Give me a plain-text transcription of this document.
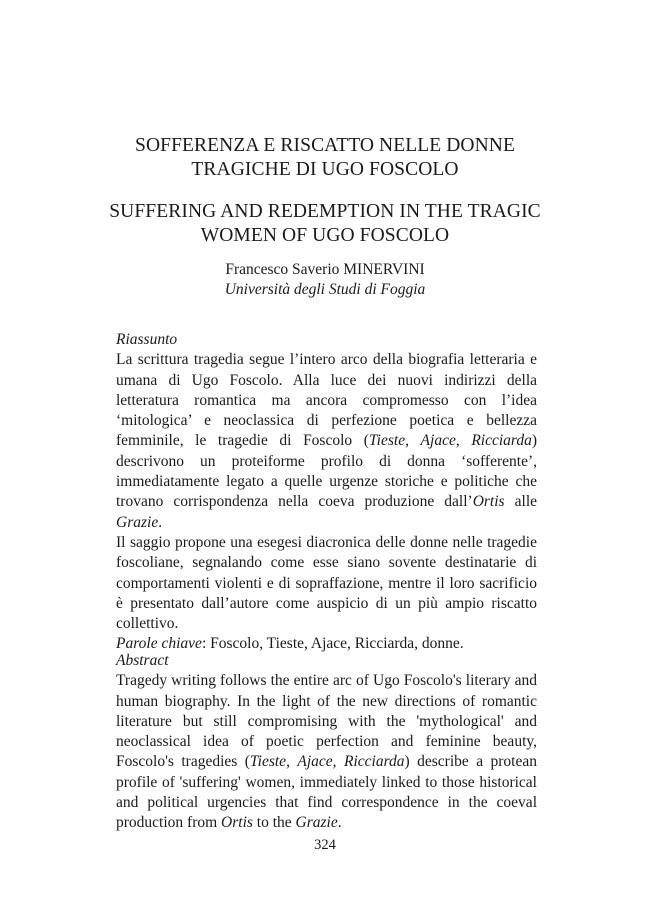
SOFFERENZA E RISCATTO NELLE DONNE
TRAGICHE DI UGO FOSCOLO
SUFFERING AND REDEMPTION IN THE TRAGIC
WOMEN OF UGO FOSCOLO
Francesco Saverio MINERVINI
Università degli Studi di Foggia
Riassunto

La scrittura tragedia segue l’intero arco della biografia letteraria e umana di Ugo Foscolo. Alla luce dei nuovi indirizzi della letteratura romantica ma ancora compromesso con l’idea ‘mitologica’ e neoclassica di perfezione poetica e bellezza femminile, le tragedie di Foscolo (Tieste, Ajace, Ricciarda) descrivono un proteiforme profilo di donna ‘sofferente’, immediatamente legato a quelle urgenze storiche e politiche che trovano corrispondenza nella coeva produzione dall’Ortis alle Grazie.

Il saggio propone una esegesi diacronica delle donne nelle tragedie foscoliane, segnalando come esse siano sovente destinatarie di comportamenti violenti e di sopraffazione, mentre il loro sacrificio è presentato dall’autore come auspicio di un più ampio riscatto collettivo.

Parole chiave: Foscolo, Tieste, Ajace, Ricciarda, donne.

Abstract

Tragedy writing follows the entire arc of Ugo Foscolo's literary and human biography. In the light of the new directions of romantic literature but still compromising with the 'mythological' and neoclassical idea of poetic perfection and feminine beauty, Foscolo's tragedies (Tieste, Ajace, Ricciarda) describe a protean profile of 'suffering' women, immediately linked to those historical and political urgencies that find correspondence in the coeval production from Ortis to the Grazie.

324
